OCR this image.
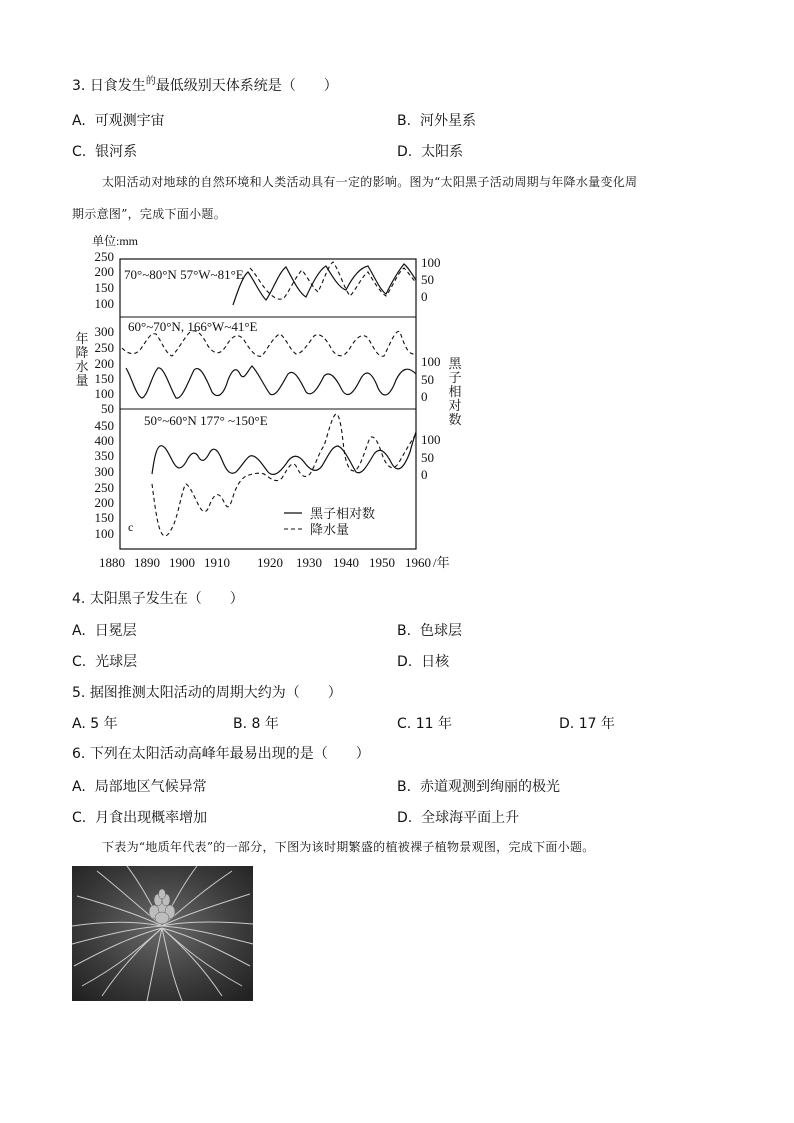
3. 日食发生$^的$最低级别天体系统是（　　）
A. 可观测宇宙	B. 河外星系
C. 银河系	D. 太阳系
太阳活动对地球的自然环境和人类活动具有一定的影响。图为“太阳黑子活动周期与年降水量变化周
期示意图”，完成下面小题。
单位:mm
70°~80°N 57°W~81°E
60°~70°N, 166°W~41°E
50°~60°N 177° ~150°E
c
250
200
150
100
300
250
200
150
100
50
450
400
350
300
250
200
150
100
年
降
水
量
100
50
0
100
50
0
100
50
0
黑
子
相
对
数
1880 1890 1900 1910 1920 1930 1940 1950 1960 /年
黑子相对数
降水量
4. 太阳黑子发生在（　　）
A. 日冕层	B. 色球层
C. 光球层	D. 日核
5. 据图推测太阳活动的周期大约为（　　）
A. 5 年	B. 8 年	C. 11 年	D. 17 年
6. 下列在太阳活动高峰年最易出现的是（　　）
A. 局部地区气候异常	B. 赤道观测到绚丽的极光
C. 月食出现概率增加	D. 全球海平面上升
下表为“地质年代表”的一部分，下图为该时期繁盛的植被裸子植物景观图，完成下面小题。
